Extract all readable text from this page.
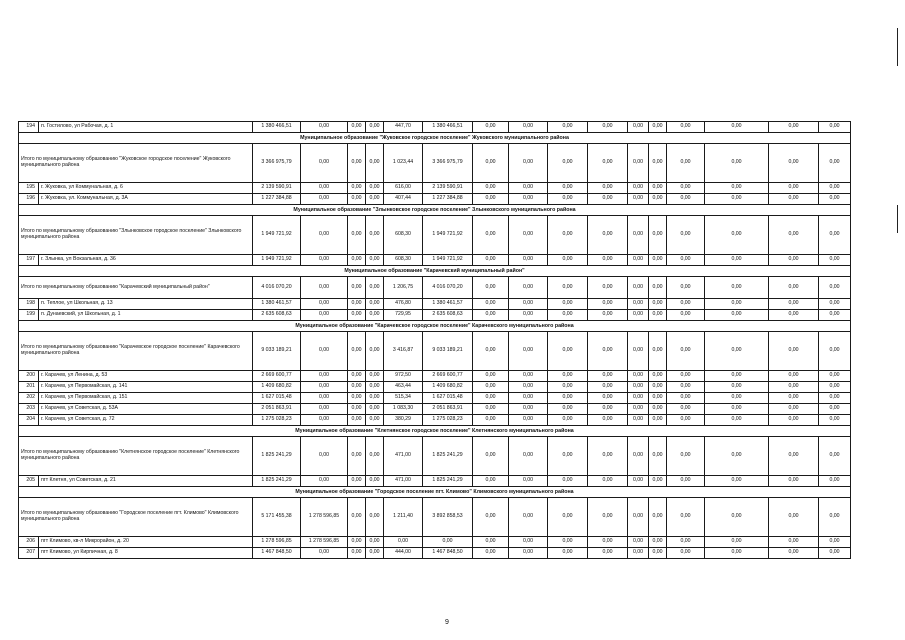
194	п. Гостилово, ул Рабочая, д. 1	1 380 466,51	0,00	0,00	0,00	447,70	1 380 466,51	0,00	0,00	0,00	0,00	0,00	0,00	0,00	0,00	0,00	0,00
Муниципальное образование "Жуковское городское поселение" Жуковского муниципального района																	
Итого по муниципальному образованию "Жуковское городское поселение" Жуковского муниципального района		3 366 975,79	0,00	0,00	0,00	1 023,44	3 366 975,79	0,00	0,00	0,00	0,00	0,00	0,00	0,00	0,00	0,00	0,00
195	г. Жуковка, ул Коммунальная, д. 6	2 139 590,91	0,00	0,00	0,00	616,00	2 139 590,91	0,00	0,00	0,00	0,00	0,00	0,00	0,00	0,00	0,00	0,00
196	г. Жуковка, ул. Коммунальная, д. 3А	1 227 384,88	0,00	0,00	0,00	407,44	1 227 384,88	0,00	0,00	0,00	0,00	0,00	0,00	0,00	0,00	0,00	0,00
Муниципальное образование "Злынковское городское поселение" Злынковского муниципального района																	
Итого по муниципальному образованию "Злынковское городское поселение" Злынковского муниципального района		1 949 721,92	0,00	0,00	0,00	608,30	1 949 721,92	0,00	0,00	0,00	0,00	0,00	0,00	0,00	0,00	0,00	0,00
197	г. Злынка, ул Вокзальная, д. 36	1 949 721,92	0,00	0,00	0,00	608,30	1 949 721,92	0,00	0,00	0,00	0,00	0,00	0,00	0,00	0,00	0,00	0,00
Муниципальное образование "Карачевский муниципальный район"																	
Итого по муниципальному образованию "Карачевский муниципальный район"		4 016 070,20	0,00	0,00	0,00	1 206,75	4 016 070,20	0,00	0,00	0,00	0,00	0,00	0,00	0,00	0,00	0,00	0,00
198	п. Теплое, ул Школьная, д. 13	1 380 461,57	0,00	0,00	0,00	476,80	1 380 461,57	0,00	0,00	0,00	0,00	0,00	0,00	0,00	0,00	0,00	0,00
199	п. Дунаевский, ул Школьная, д. 1	2 635 608,63	0,00	0,00	0,00	729,95	2 635 608,63	0,00	0,00	0,00	0,00	0,00	0,00	0,00	0,00	0,00	0,00
Муниципальное образование "Карачевское городское поселение" Карачевского муниципального района																	
Итого по муниципальному образованию "Карачевское городское поселение" Карачевского муниципального района		9 033 189,21	0,00	0,00	0,00	3 416,87	9 033 189,21	0,00	0,00	0,00	0,00	0,00	0,00	0,00	0,00	0,00	0,00
200	г. Карачев, ул Ленина, д. 53	2 669 600,77	0,00	0,00	0,00	972,50	2 669 600,77	0,00	0,00	0,00	0,00	0,00	0,00	0,00	0,00	0,00	0,00
201	г. Карачев, ул Первомайская, д. 141	1 409 680,82	0,00	0,00	0,00	463,44	1 409 680,82	0,00	0,00	0,00	0,00	0,00	0,00	0,00	0,00	0,00	0,00
202	г. Карачев, ул Первомайская, д. 151	1 627 015,48	0,00	0,00	0,00	515,34	1 627 015,48	0,00	0,00	0,00	0,00	0,00	0,00	0,00	0,00	0,00	0,00
203	г. Карачев, ул Советская, д. 53А	2 051 863,91	0,00	0,00	0,00	1 083,30	2 051 863,91	0,00	0,00	0,00	0,00	0,00	0,00	0,00	0,00	0,00	0,00
204	г. Карачев, ул Советская, д. 72	1 275 028,23	0,00	0,00	0,00	380,29	1 275 028,23	0,00	0,00	0,00	0,00	0,00	0,00	0,00	0,00	0,00	0,00
Муниципальное образование "Клетнянское городское поселение" Клетнянского муниципального района																	
Итого по муниципальному образованию "Клетнянское городское поселение" Клетнянского муниципального района		1 825 241,29	0,00	0,00	0,00	471,00	1 825 241,29	0,00	0,00	0,00	0,00	0,00	0,00	0,00	0,00	0,00	0,00
205	пгт Клетня, ул Советская, д. 21	1 825 241,29	0,00	0,00	0,00	471,00	1 825 241,29	0,00	0,00	0,00	0,00	0,00	0,00	0,00	0,00	0,00	0,00
Муниципальное образование "Городское поселение пгт. Климово" Климовского муниципального района																	
Итого по муниципальному образованию "Городское поселение пгт. Климово" Климовского муниципального района		5 171 455,38	1 278 596,85	0,00	0,00	1 211,40	3 892 858,53	0,00	0,00	0,00	0,00	0,00	0,00	0,00	0,00	0,00	0,00
206	пгт Климово, кв-л Микрорайон, д. 20	1 278 596,85	1 278 596,85	0,00	0,00	0,00	0,00	0,00	0,00	0,00	0,00	0,00	0,00	0,00	0,00	0,00	0,00
207	пгт Климово, ул Кирпичная, д. 8	1 467 848,50	0,00	0,00	0,00	444,00	1 467 848,50	0,00	0,00	0,00	0,00	0,00	0,00	0,00	0,00	0,00	0,00
9
